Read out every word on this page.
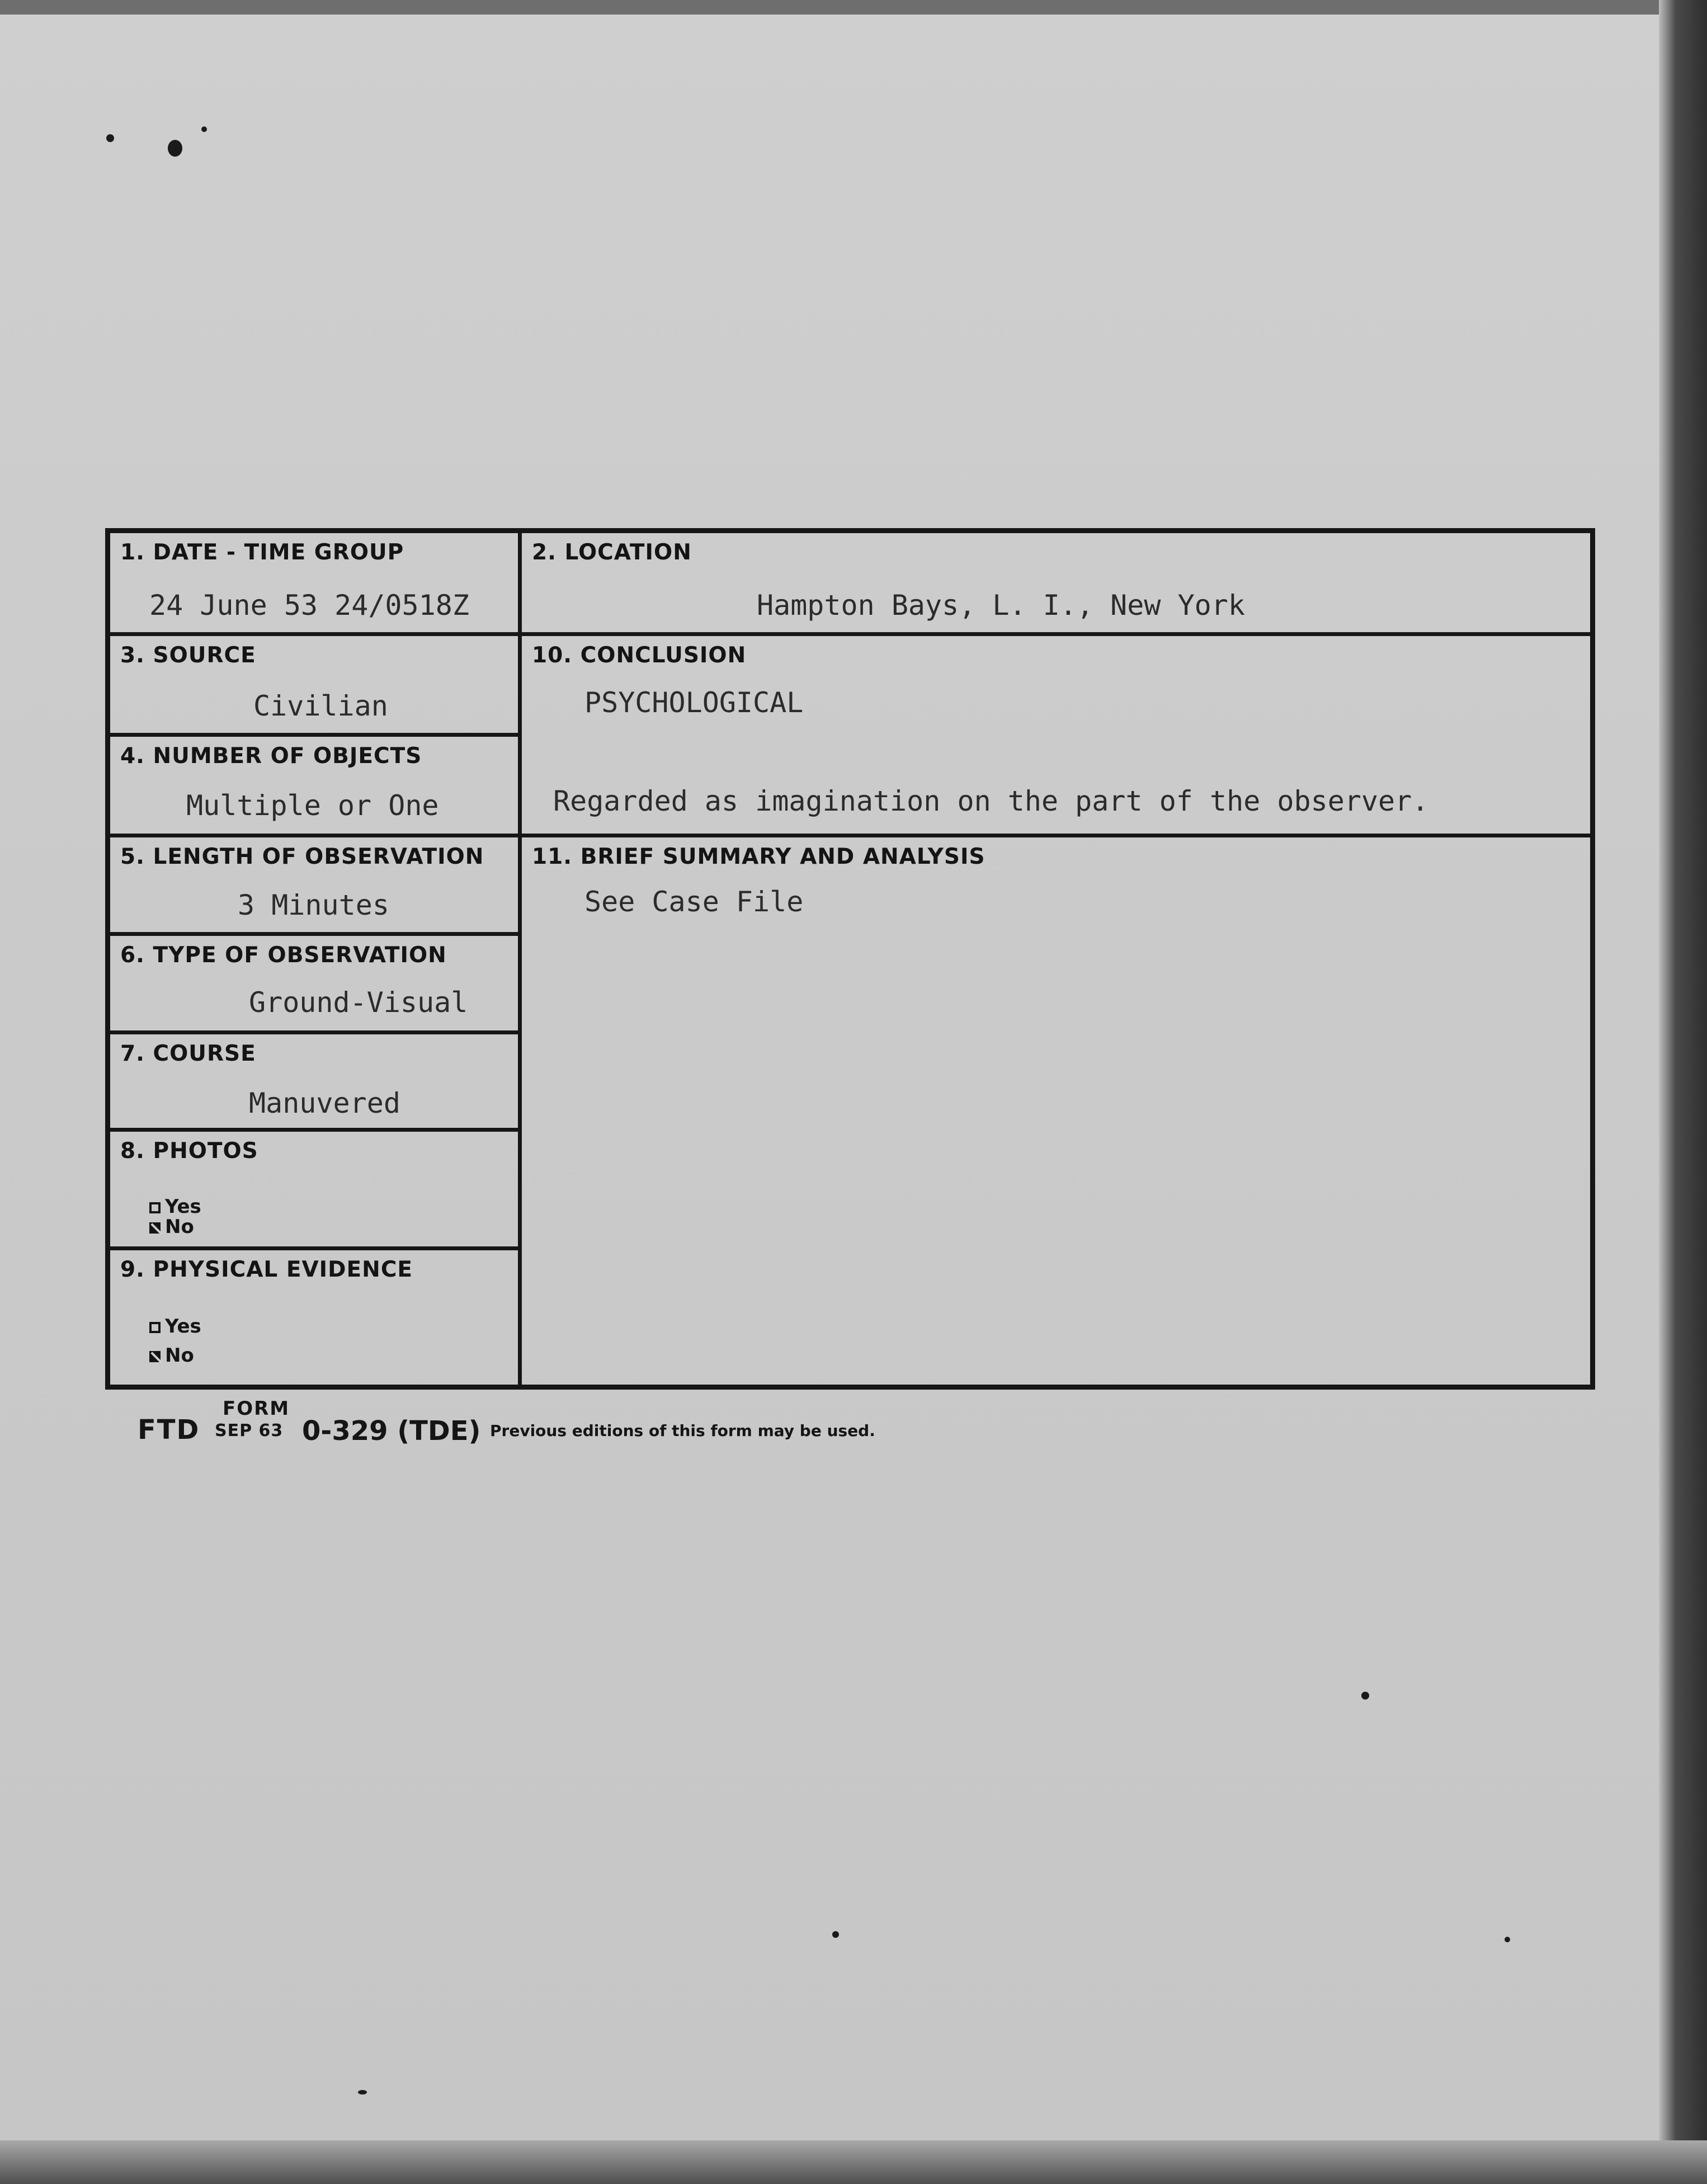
1. DATE - TIME GROUP
24 June 53 24/0518Z
3. SOURCE
Civilian
4. NUMBER OF OBJECTS
Multiple or One
5. LENGTH OF OBSERVATION
3 Minutes
6. TYPE OF OBSERVATION
Ground-Visual
7. COURSE
Manuvered
8. PHOTOS
Yes
No
9. PHYSICAL EVIDENCE
Yes
No
2. LOCATION
Hampton Bays, L. I., New York
10. CONCLUSION
PSYCHOLOGICAL
Regarded as imagination on the part of the observer.
11. BRIEF SUMMARY AND ANALYSIS
See Case File
FORM
FTD SEP 63 0-329 (TDE) Previous editions of this form may be used.
